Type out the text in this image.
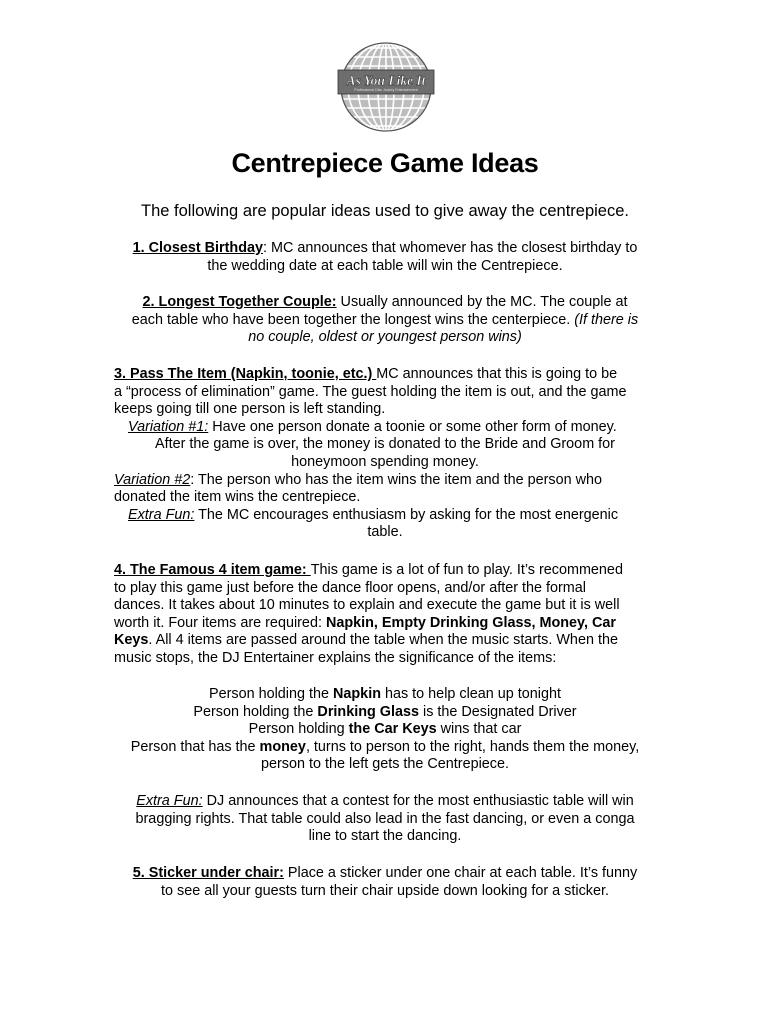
As You Like It
Professional Disc Jockey Entertainment
Centrepiece Game Ideas
The following are popular ideas used to give away the centrepiece.
1. Closest Birthday: MC announces that whomever has the closest birthday to
the wedding date at each table will win the Centrepiece.
2. Longest Together Couple: Usually announced by the MC. The couple at
each table who have been together the longest wins the centerpiece. (If there is
no couple, oldest or youngest person wins)
3. Pass The Item (Napkin, toonie, etc.) MC announces that this is going to be
a “process of elimination” game. The guest holding the item is out, and the game
keeps going till one person is left standing.
Variation #1: Have one person donate a toonie or some other form of money.
After the game is over, the money is donated to the Bride and Groom for
honeymoon spending money.
Variation #2: The person who has the item wins the item and the person who
donated the item wins the centrepiece.
Extra Fun: The MC encourages enthusiasm by asking for the most energenic
table.
4. The Famous 4 item game: This game is a lot of fun to play. It’s recommened
to play this game just before the dance floor opens, and/or after the formal
dances. It takes about 10 minutes to explain and execute the game but it is well
worth it. Four items are required: Napkin, Empty Drinking Glass, Money, Car
Keys. All 4 items are passed around the table when the music starts. When the
music stops, the DJ Entertainer explains the significance of the items:
Person holding the Napkin has to help clean up tonight
Person holding the Drinking Glass is the Designated Driver
Person holding the Car Keys wins that car
Person that has the money, turns to person to the right, hands them the money,
person to the left gets the Centrepiece.
Extra Fun: DJ announces that a contest for the most enthusiastic table will win
bragging rights. That table could also lead in the fast dancing, or even a conga
line to start the dancing.
5. Sticker under chair: Place a sticker under one chair at each table. It’s funny
to see all your guests turn their chair upside down looking for a sticker.
